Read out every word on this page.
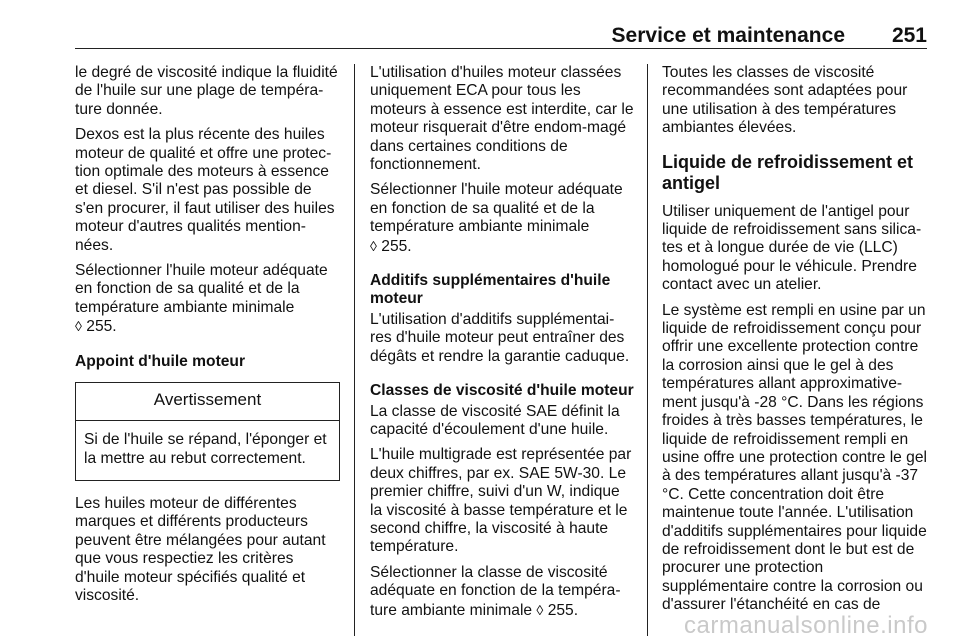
Service et maintenance 251

le degré de viscosité indique la fluidité de l'huile sur une plage de tempéra-ture donnée.

Dexos est la plus récente des huiles moteur de qualité et offre une protec-tion optimale des moteurs à essence et diesel. S'il n'est pas possible de s'en procurer, il faut utiliser des huiles moteur d'autres qualités mention-nées.

Sélectionner l'huile moteur adéquate en fonction de sa qualité et de la température ambiante minimale
◊ 255.

Appoint d'huile moteur
Avertissement
Si de l'huile se répand, l'éponger et la mettre au rebut correctement.

Les huiles moteur de différentes marques et différents producteurs peuvent être mélangées pour autant que vous respectiez les critères d'huile moteur spécifiés qualité et viscosité.

L'utilisation d'huiles moteur classées uniquement ECA pour tous les moteurs à essence est interdite, car le moteur risquerait d'être endom-magé dans certaines conditions de fonctionnement.

Sélectionner l'huile moteur adéquate en fonction de sa qualité et de la température ambiante minimale
◊ 255.

Additifs supplémentaires d'huile moteur

L'utilisation d'additifs supplémentai-res d'huile moteur peut entraîner des dégâts et rendre la garantie caduque.

Classes de viscosité d'huile moteur

La classe de viscosité SAE définit la capacité d'écoulement d'une huile.

L'huile multigrade est représentée par deux chiffres, par ex. SAE 5W-30. Le premier chiffre, suivi d'un W, indique la viscosité à basse température et le second chiffre, la viscosité à haute température.

Sélectionner la classe de viscosité adéquate en fonction de la tempéra-ture ambiante minimale ◊ 255.

Toutes les classes de viscosité recommandées sont adaptées pour une utilisation à des températures ambiantes élevées.

Liquide de refroidissement et antigel

Utiliser uniquement de l'antigel pour liquide de refroidissement sans silica-tes et à longue durée de vie (LLC) homologué pour le véhicule. Prendre contact avec un atelier.

Le système est rempli en usine par un liquide de refroidissement conçu pour offrir une excellente protection contre la corrosion ainsi que le gel à des températures allant approximative-ment jusqu'à -28 °C. Dans les régions froides à très basses températures, le liquide de refroidissement rempli en usine offre une protection contre le gel à des températures allant jusqu'à -37 °C. Cette concentration doit être maintenue toute l'année. L'utilisation d'additifs supplémentaires pour liquide de refroidissement dont le but est de procurer une protection supplémentaire contre la corrosion ou d'assurer l'étanchéité en cas de

carmanualsonline.info
